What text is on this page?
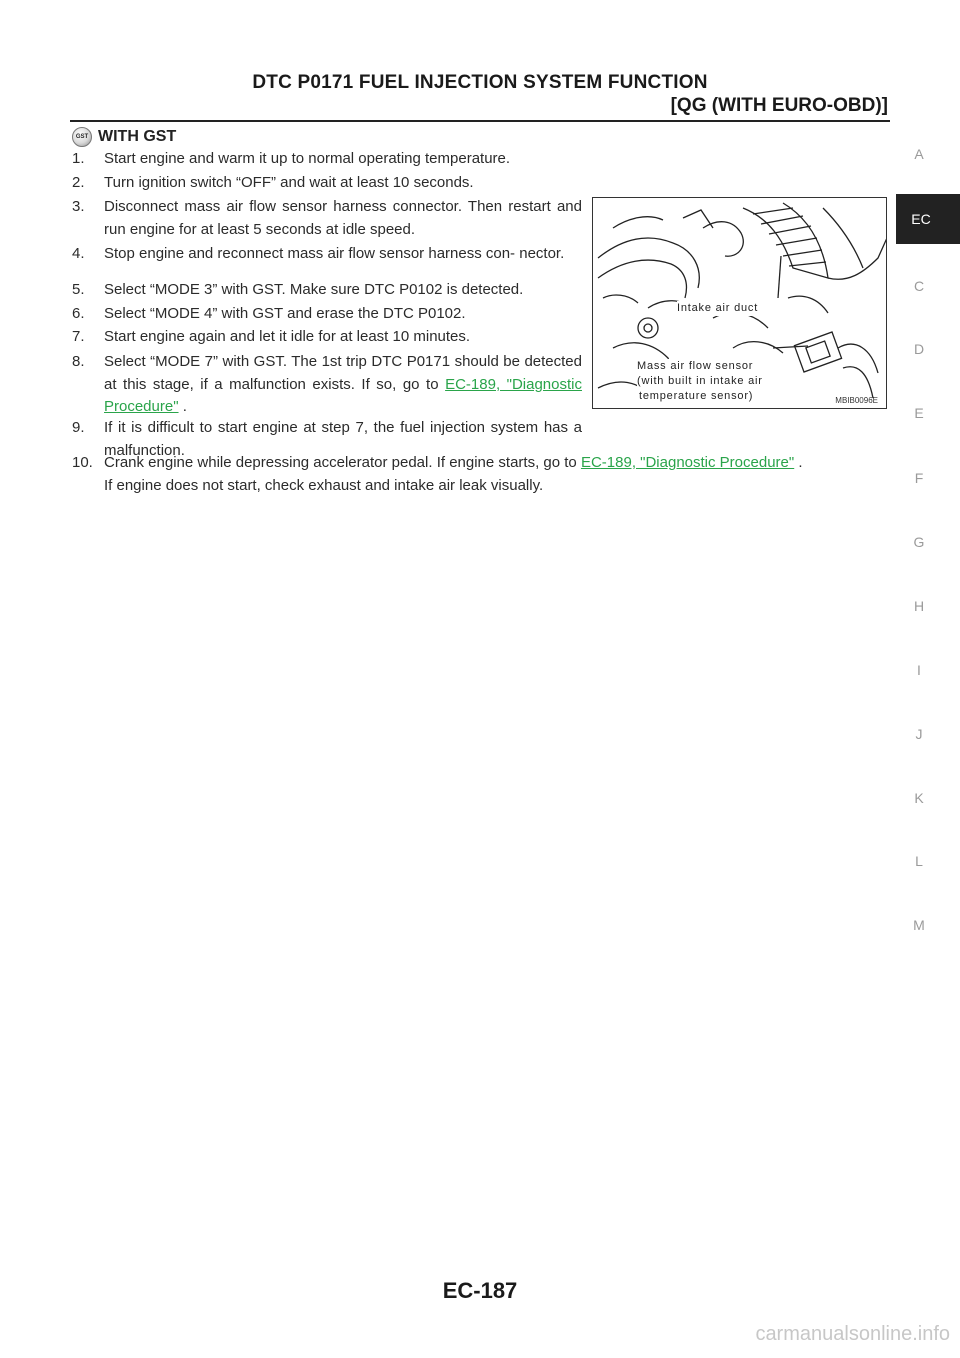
DTC P0171 FUEL INJECTION SYSTEM FUNCTION
[QG (WITH EURO-OBD)]
GST WITH GST
1. Start engine and warm it up to normal operating temperature.
2. Turn ignition switch “OFF” and wait at least 10 seconds.
3. Disconnect mass air flow sensor harness connector. Then restart and run engine for at least 5 seconds at idle speed.
4. Stop engine and reconnect mass air flow sensor harness con- nector.
5. Select “MODE 3” with GST. Make sure DTC P0102 is detected.
6. Select “MODE 4” with GST and erase the DTC P0102.
7. Start engine again and let it idle for at least 10 minutes.
8. Select “MODE 7” with GST. The 1st trip DTC P0171 should be detected at this stage, if a malfunction exists. If so, go to EC-189, "Diagnostic Procedure" .
9. If it is difficult to start engine at step 7, the fuel injection system has a malfunction.
10. Crank engine while depressing accelerator pedal. If engine starts, go to EC-189, "Diagnostic Procedure" .
If engine does not start, check exhaust and intake air leak visually.
Intake air duct
Mass air flow sensor
(with built in intake air
temperature sensor)	MBIB0096E
A
C
D
E
F
G
H
I
J
K
L
M
EC
EC-187
carmanualsonline.info
